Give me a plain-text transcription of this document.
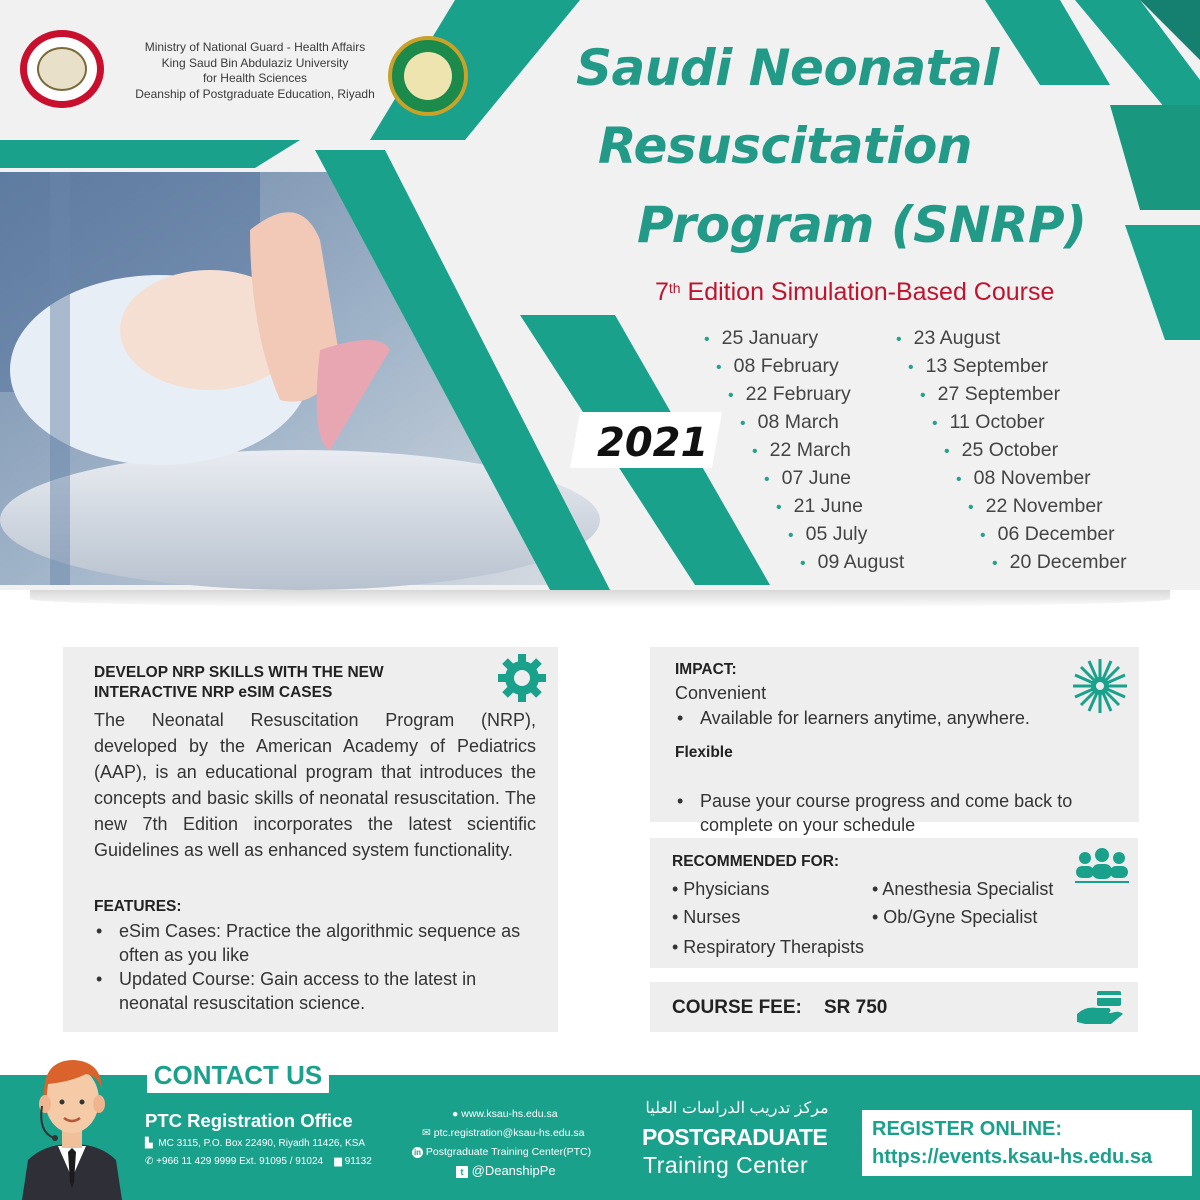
Ministry of National Guard - Health Affairs
King Saud Bin Abdulaziz University
for Health Sciences
Deanship of Postgraduate Education, Riyadh	Saudi Neonatal
Resuscitation
Program (SNRP)
7th Edition Simulation-Based Course
2021
• 25 January
• 08 February
• 22 February
• 08 March
• 22 March
• 07 June
• 21 June
• 05 July
• 09 August
• 23 August
• 13 September
• 27 September
• 11 October
• 25 October
• 08 November
• 22 November
• 06 December
• 20 December
DEVELOP NRP SKILLS WITH THE NEW
INTERACTIVE NRP eSIM CASES
The Neonatal Resuscitation Program (NRP), developed by the American Academy of Pediatrics (AAP), is an educational program that introduces the concepts and basic skills of neonatal resuscitation. The new 7th Edition incorporates the latest scientific Guidelines as well as enhanced system functionality.
FEATURES:
• eSim Cases: Practice the algorithmic sequence as often as you like
• Updated Course: Gain access to the latest in neonatal resuscitation science.
IMPACT:
Convenient
• Available for learners anytime, anywhere.
Flexible
• Pause your course progress and come back to complete on your schedule
RECOMMENDED FOR:
• Physicians	• Anesthesia Specialist
• Nurses	• Ob/Gyne Specialist
• Respiratory Therapists
COURSE FEE: SR 750
CONTACT US
PTC Registration Office
▙ MC 3115, P.O. Box 22490, Riyadh 11426, KSA
✆ +966 11 429 9999 Ext. 91095 / 91024 ▆ 91132
● www.ksau-hs.edu.sa
✉ ptc.registration@ksau-hs.edu.sa
in Postgraduate Training Center(PTC)
t @DeanshipPe
مركز تدريب الدراسات العليا
POSTGRADUATE
Training Center
REGISTER ONLINE:
https://events.ksau-hs.edu.sa
